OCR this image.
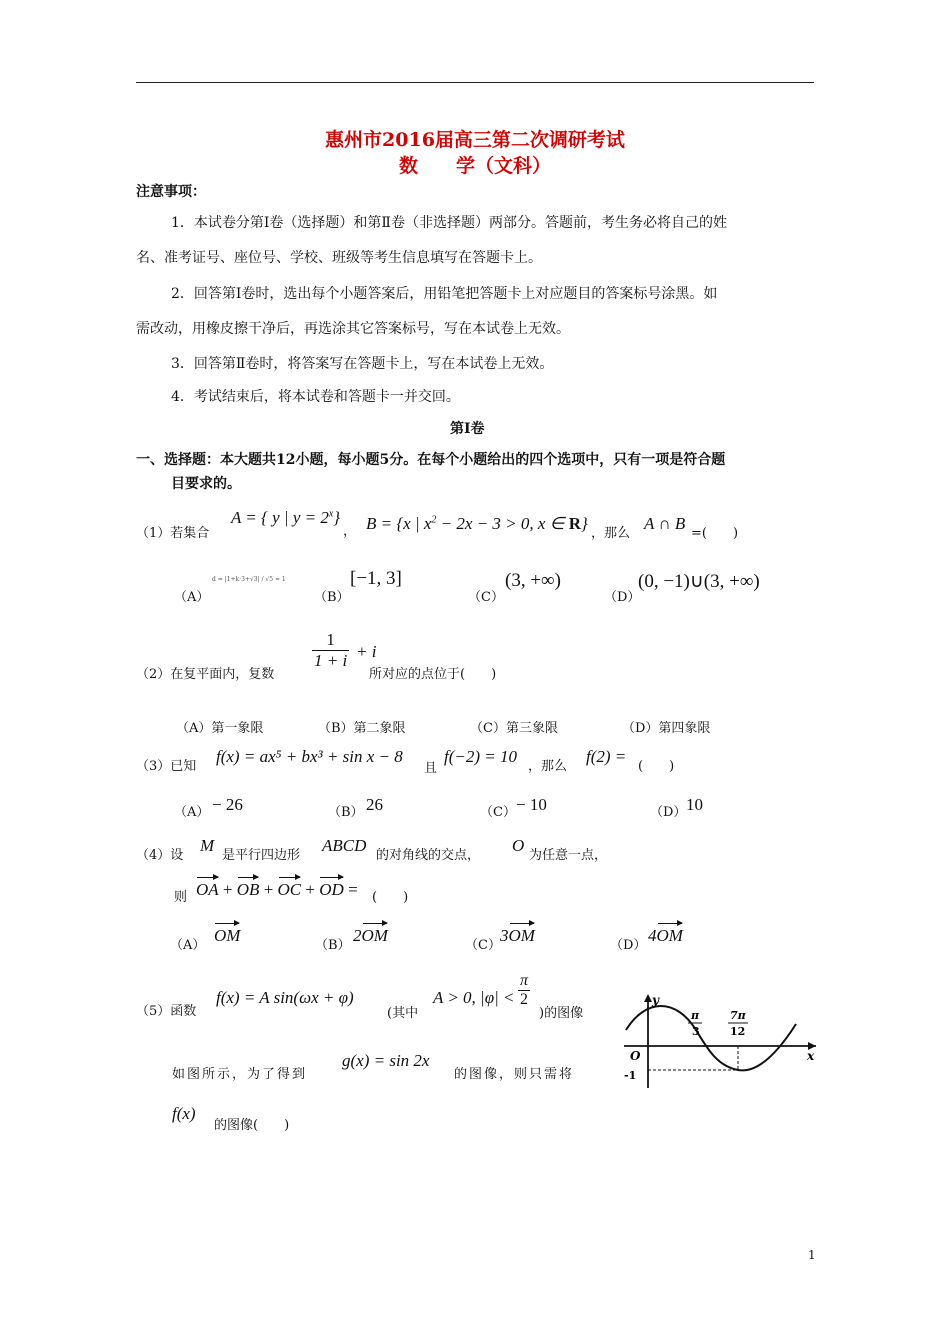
惠州市2016届高三第二次调研考试
数　　学（文科）
注意事项：
1．本试卷分第Ⅰ卷（选择题）和第Ⅱ卷（非选择题）两部分。答题前，考生务必将自己的姓
名、准考证号、座位号、学校、班级等考生信息填写在答题卡上。
2．回答第Ⅰ卷时，选出每个小题答案后，用铅笔把答题卡上对应题目的答案标号涂黑。如
需改动，用橡皮擦干净后，再选涂其它答案标号，写在本试卷上无效。
3．回答第Ⅱ卷时，将答案写在答题卡上，写在本试卷上无效。
4．考试结束后，将本试卷和答题卡一并交回。
第Ⅰ卷
一、选择题：本大题共12小题，每小题5分。在每个小题给出的四个选项中，只有一项是符合题
目要求的。
（1）若集合
A = { y | $y = 2^x$}
， B = {x | $x^2 - 2x - 3 > 0$, x ∈ R}
，那么
A ∩ B
=(　　)
（A）
d = |1+k·3+√3| / √5 = 1
（B）
[−1, 3]
（C）
(3, +∞)
（D）
(0, −1)∪(3, +∞)
（2）在复平面内，复数
$\frac{1}{1 + i} + i$
所对应的点位于(　　)
（A）第一象限	（B）第二象限	（C）第三象限	（D）第四象限
（3）已知
f(x) = ax⁵ + bx³ + sin x − 8
且
f(−2) = 10
，那么
f(2) =
(　　)
（A） − 26	（B） 26	（C） − 10	（D） 10
（4）设
M
是平行四边形
ABCD
的对角线的交点，
O
为任意一点，
则 OA + OB + OC + OD = (　　)
（A）
OM
（B）
2OM
（C）
3OM
（D）
4OM
（5）函数
f(x) = A sin(ωx + φ)
(其中
A > 0, $|\varphi| < \frac{\pi}{2}$
)的图像
如图所示，为了得到
g(x) = sin 2x
的图像，则只需将
f(x)
的图像(　　)
y
x
O
-1
π
3
7π
12
1
